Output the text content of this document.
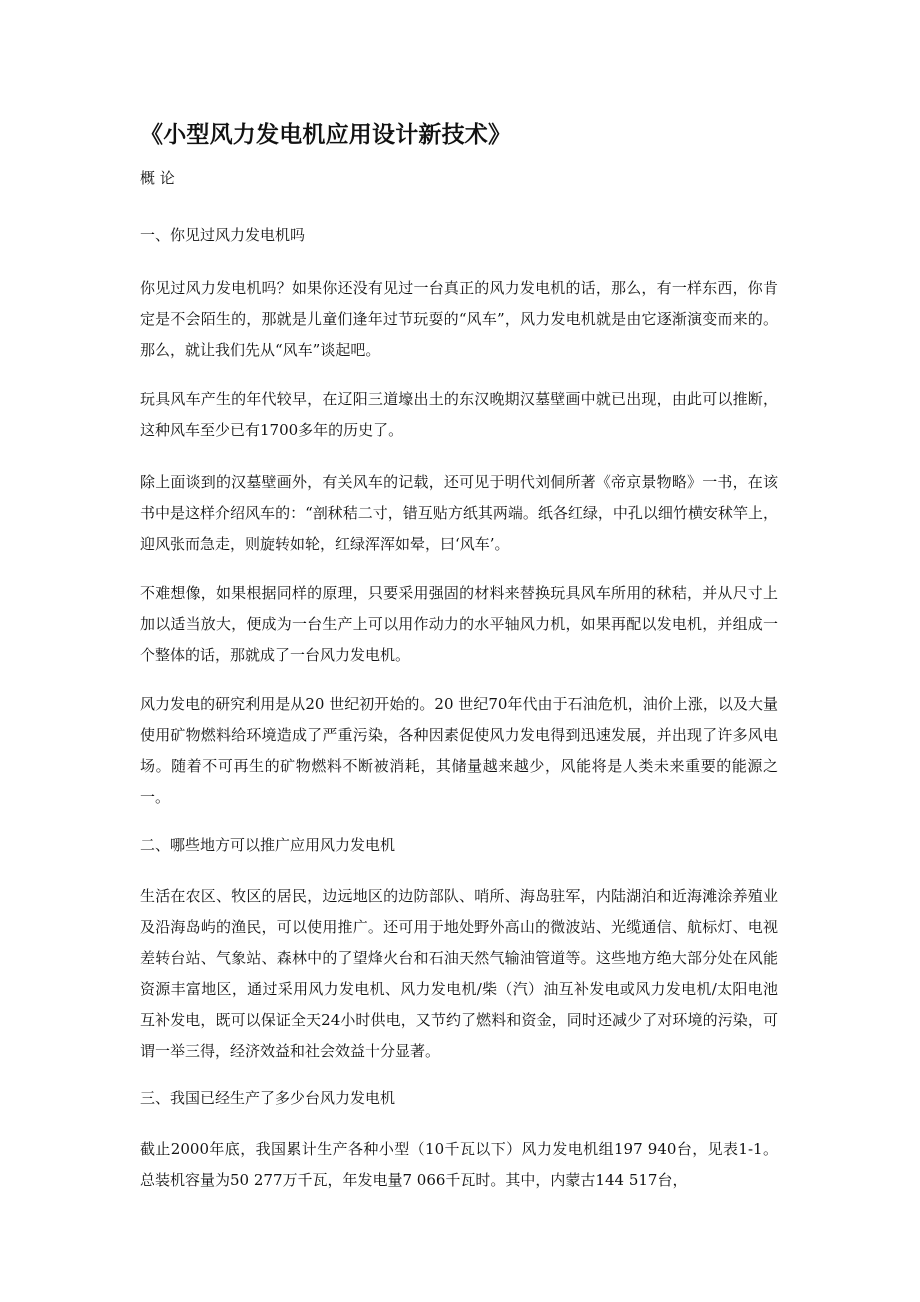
《小型风力发电机应用设计新技术》

概 论

一、你见过风力发电机吗

你见过风力发电机吗？如果你还没有见过一台真正的风力发电机的话，那么，有一样东西，你肯定是不会陌生的，那就是儿童们逢年过节玩耍的“风车”，风力发电机就是由它逐渐演变而来的。那么，就让我们先从“风车”谈起吧。

玩具风车产生的年代较早，在辽阳三道壕出土的东汉晚期汉墓壁画中就已出现，由此可以推断，这种风车至少已有1700多年的历史了。

除上面谈到的汉墓壁画外，有关风车的记载，还可见于明代刘侗所著《帝京景物略》一书，在该书中是这样介绍风车的：“剖秫秸二寸，错互贴方纸其两端。纸各红绿，中孔以细竹横安秫竿上，迎风张而急走，则旋转如轮，红绿浑浑如晕，曰‘风车’。

不难想像，如果根据同样的原理，只要采用强固的材料来替换玩具风车所用的秫秸，并从尺寸上加以适当放大，便成为一台生产上可以用作动力的水平轴风力机，如果再配以发电机，并组成一个整体的话，那就成了一台风力发电机。

风力发电的研究利用是从20 世纪初开始的。20 世纪70年代由于石油危机，油价上涨，以及大量使用矿物燃料给环境造成了严重污染，各种因素促使风力发电得到迅速发展，并出现了许多风电场。随着不可再生的矿物燃料不断被消耗，其储量越来越少，风能将是人类未来重要的能源之一。

二、哪些地方可以推广应用风力发电机

生活在农区、牧区的居民，边远地区的边防部队、哨所、海岛驻军，内陆湖泊和近海滩涂养殖业及沿海岛屿的渔民，可以使用推广。还可用于地处野外高山的微波站、光缆通信、航标灯、电视差转台站、气象站、森林中的了望烽火台和石油天然气输油管道等。这些地方绝大部分处在风能资源丰富地区，通过采用风力发电机、风力发电机/柴（汽）油互补发电或风力发电机/太阳电池互补发电，既可以保证全天24小时供电，又节约了燃料和资金，同时还减少了对环境的污染，可谓一举三得，经济效益和社会效益十分显著。

三、我国已经生产了多少台风力发电机

截止2000年底，我国累计生产各种小型（10千瓦以下）风力发电机组197 940台，见表1-1。总装机容量为50 277万千瓦，年发电量7 066千瓦时。其中，内蒙古144 517台，
